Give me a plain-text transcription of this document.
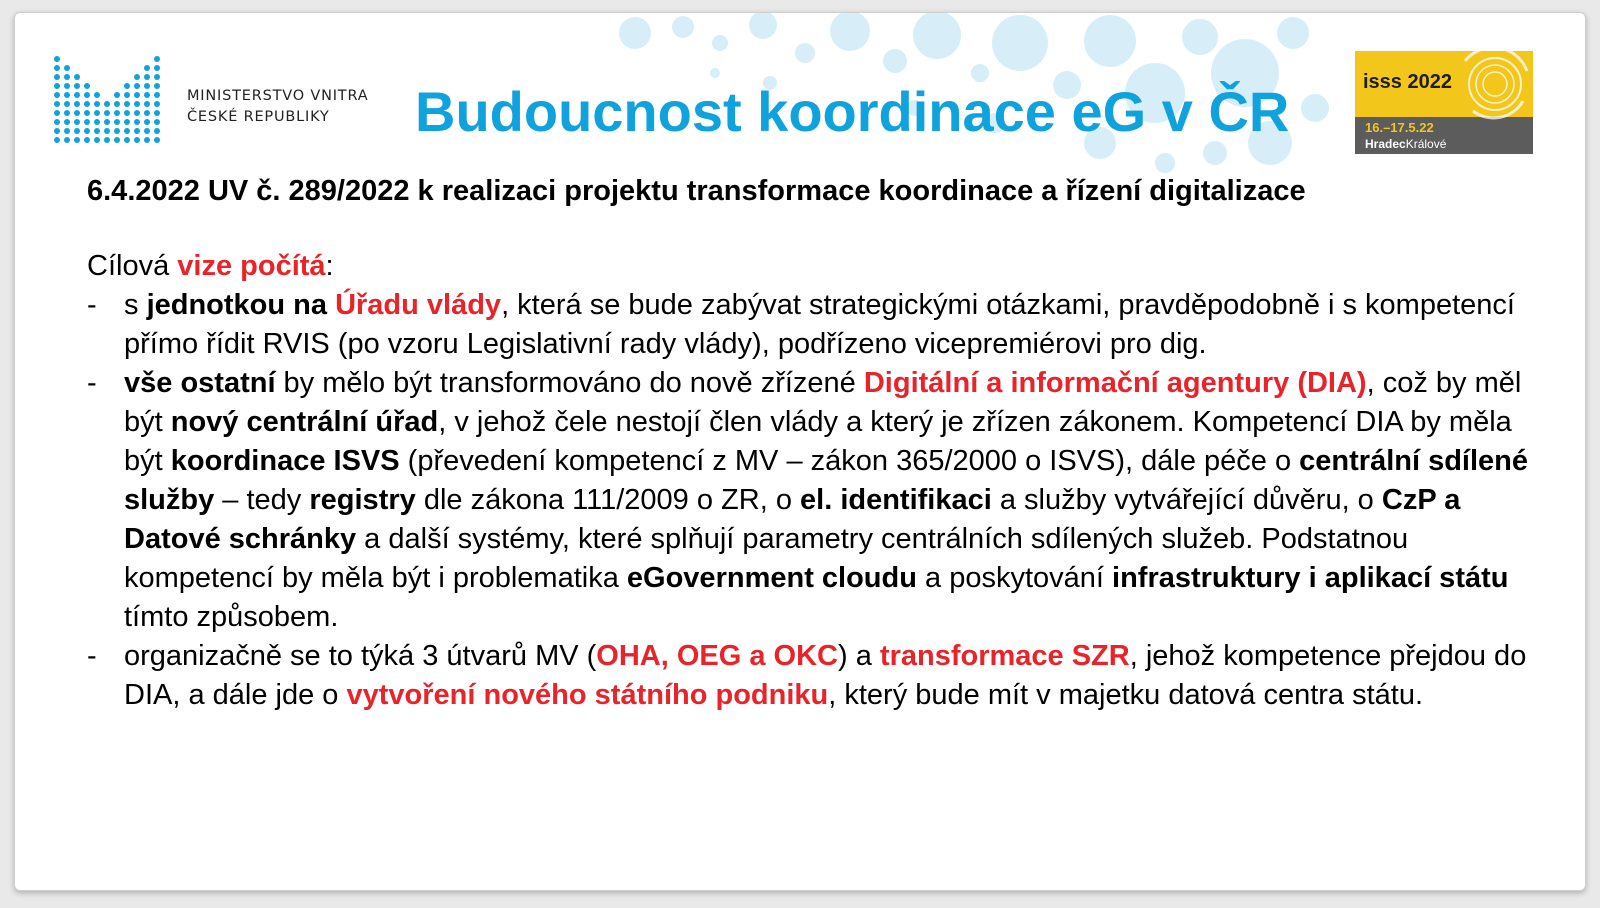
MINISTERSTVO VNITRA
ČESKÉ REPUBLIKY	Budoucnost koordinace eG v ČR	isss 2022
16.–17.5.22
HradecKrálové
6.4.2022 UV č. 289/2022 k realizaci projektu transformace koordinace a řízení digitalizace
Cílová vize počítá:
- s jednotkou na Úřadu vlády, která se bude zabývat strategickými otázkami, pravděpodobně i s kompetencí přímo řídit RVIS (po vzoru Legislativní rady vlády), podřízeno vicepremiérovi pro dig.
- vše ostatní by mělo být transformováno do nově zřízené Digitální a informační agentury (DIA), což by měl být nový centrální úřad, v jehož čele nestojí člen vlády a který je zřízen zákonem. Kompetencí DIA by měla být koordinace ISVS (převedení kompetencí z MV – zákon 365/2000 o ISVS), dále péče o centrální sdílené služby – tedy registry dle zákona 111/2009 o ZR, o el. identifikaci a služby vytvářející důvěru, o CzP a Datové schránky a další systémy, které splňují parametry centrálních sdílených služeb. Podstatnou kompetencí by měla být i problematika eGovernment cloudu a poskytování infrastruktury i aplikací státu tímto způsobem.
- organizačně se to týká 3 útvarů MV (OHA, OEG a OKC) a transformace SZR, jehož kompetence přejdou do DIA, a dále jde o vytvoření nového státního podniku, který bude mít v majetku datová centra státu.
